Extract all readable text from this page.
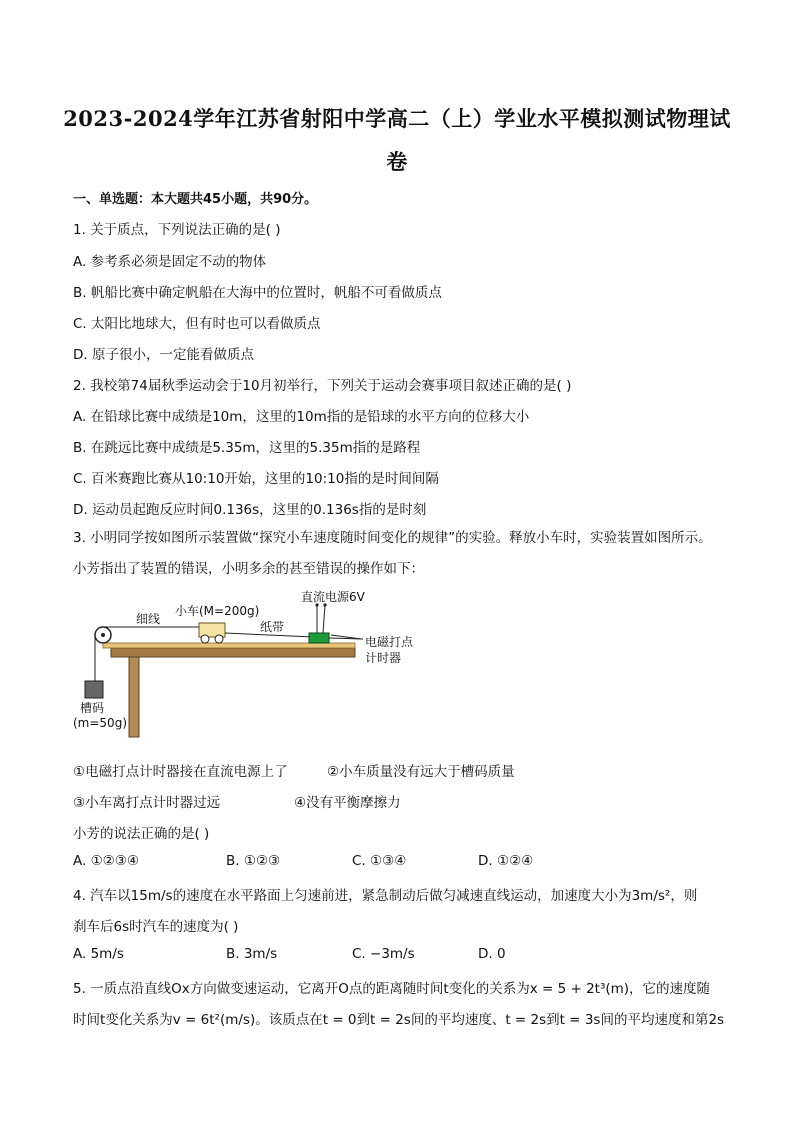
2023-2024学年江苏省射阳中学高二（上）学业水平模拟测试物理试
卷
一、单选题：本大题共45小题，共90分。
1. 关于质点，下列说法正确的是( )
A. 参考系必须是固定不动的物体
B. 帆船比赛中确定帆船在大海中的位置时，帆船不可看做质点
C. 太阳比地球大，但有时也可以看做质点
D. 原子很小，一定能看做质点
2. 我校第74届秋季运动会于10月初举行，下列关于运动会赛事项目叙述正确的是( )
A. 在铅球比赛中成绩是10m，这里的10m指的是铅球的水平方向的位移大小
B. 在跳远比赛中成绩是5.35m，这里的5.35m指的是路程
C. 百米赛跑比赛从10:10开始，这里的10:10指的是时间间隔
D. 运动员起跑反应时间0.136s，这里的0.136s指的是时刻
3. 小明同学按如图所示装置做“探究小车速度随时间变化的规律”的实验。释放小车时，实验装置如图所示。小芳指出了装置的错误，小明多余的甚至错误的操作如下：
细线
小车(M=200g)
直流电源6V
纸带
电磁打点
计时器
槽码
(m=50g)
①电磁打点计时器接在直流电源上了	②小车质量没有远大于槽码质量
③小车离打点计时器过远	④没有平衡摩擦力
小芳的说法正确的是( )
A. ①②③④	B. ①②③	C. ①③④	D. ①②④
4. 汽车以15m/s的速度在水平路面上匀速前进，紧急制动后做匀减速直线运动，加速度大小为3m/s²，则
刹车后6s时汽车的速度为( )
A. 5m/s	B. 3m/s	C. −3m/s	D. 0
5. 一质点沿直线Ox方向做变速运动，它离开O点的距离随时间t变化的关系为x = 5 + 2t³(m)，它的速度随
时间t变化关系为v = 6t²(m/s)。该质点在t = 0到t = 2s间的平均速度、t = 2s到t = 3s间的平均速度和第2s
